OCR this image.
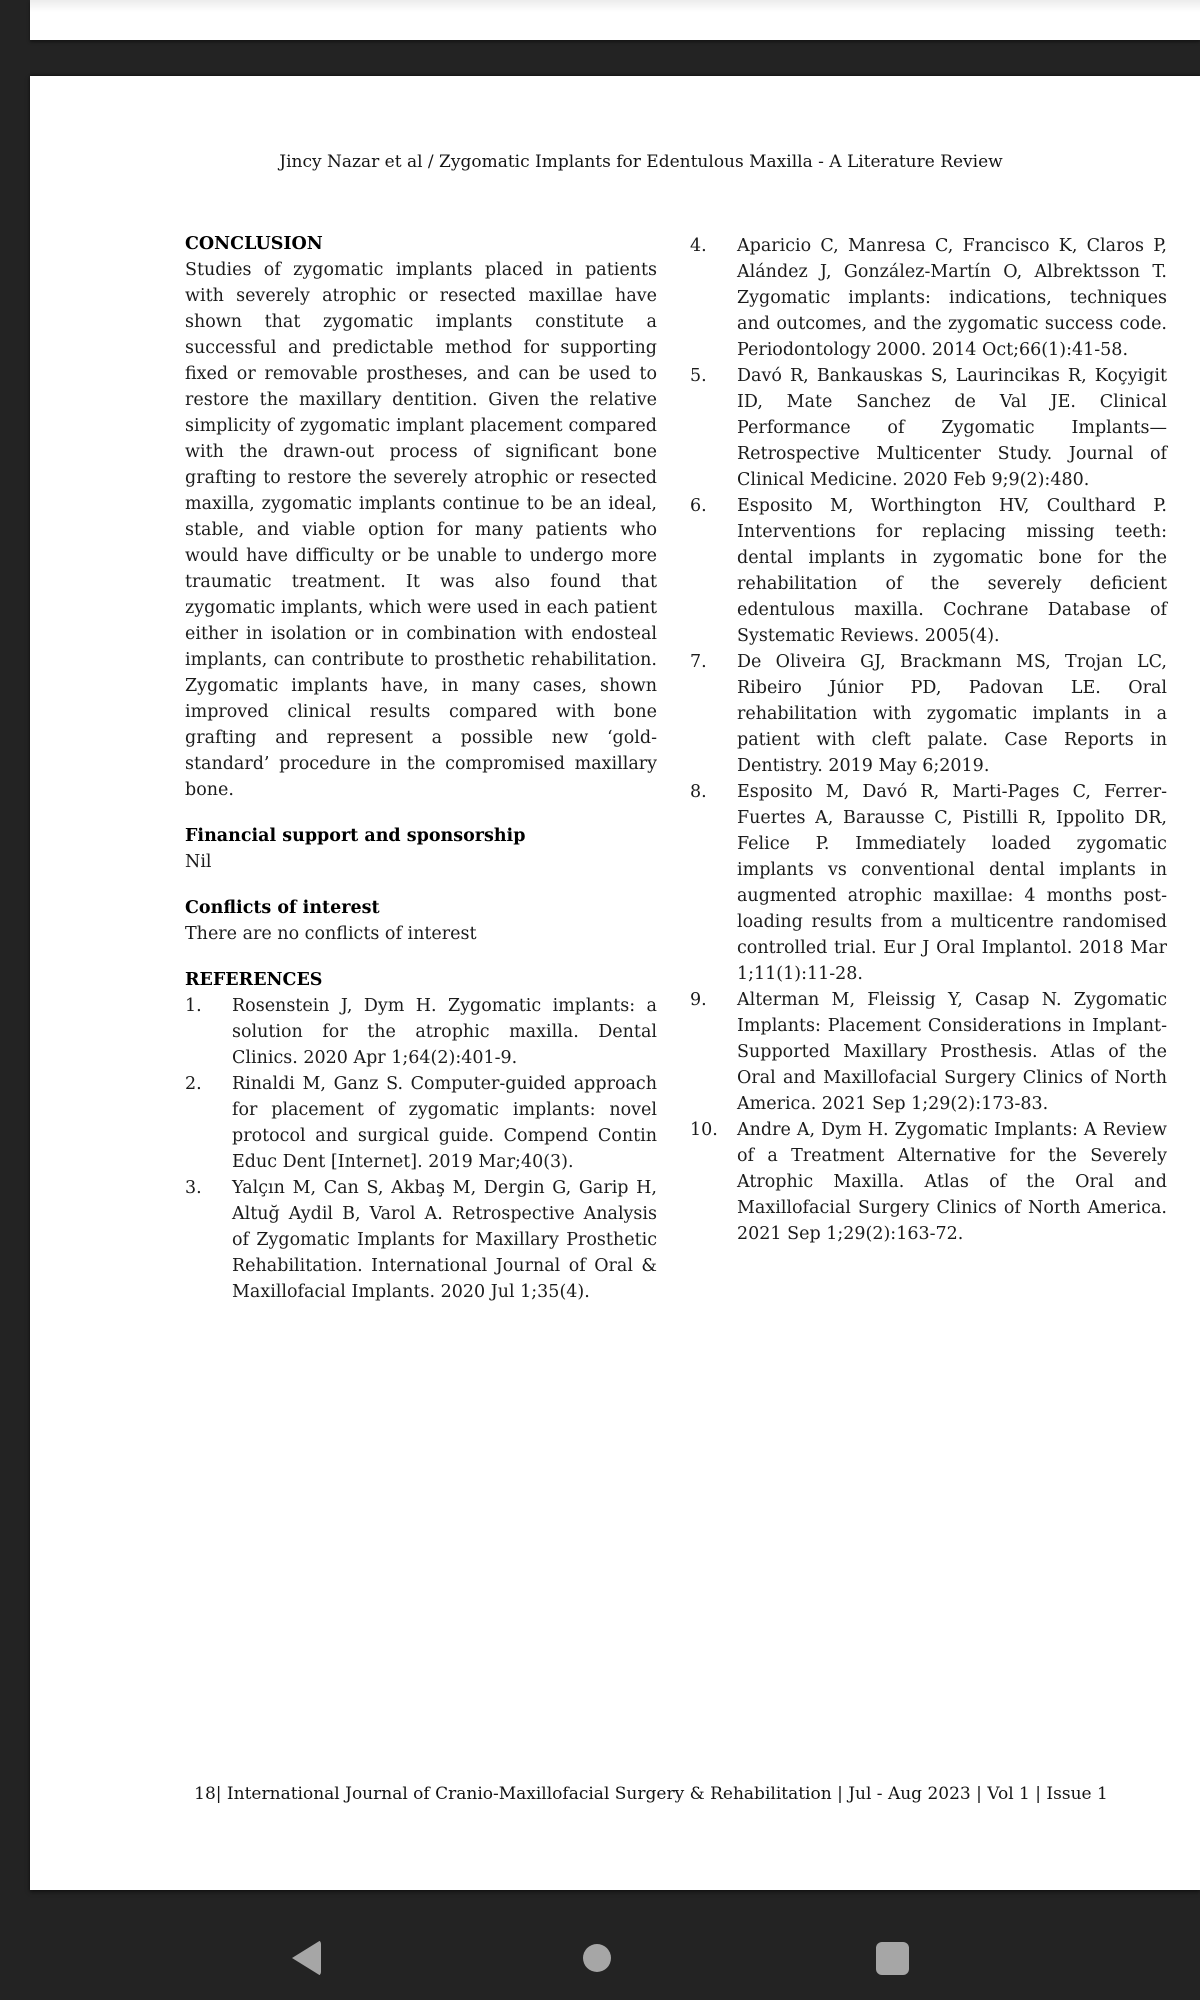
Jincy Nazar et al / Zygomatic Implants for Edentulous Maxilla - A Literature Review
CONCLUSION

Studies of zygomatic implants placed in patients with severely atrophic or resected maxillae have shown that zygomatic implants constitute a successful and predictable method for supporting fixed or removable prostheses, and can be used to restore the maxillary dentition. Given the relative simplicity of zygomatic implant placement compared with the drawn-out process of significant bone grafting to restore the severely atrophic or resected maxilla, zygomatic implants continue to be an ideal, stable, and viable option for many patients who would have difficulty or be unable to undergo more traumatic treatment. It was also found that zygomatic implants, which were used in each patient either in isolation or in combination with endosteal implants, can contribute to prosthetic rehabilitation. Zygomatic implants have, in many cases, shown improved clinical results compared with bone grafting and represent a possible new ‘gold-standard’ procedure in the compromised maxillary bone.

Financial support and sponsorship

Nil

Conflicts of interest

There are no conflicts of interest

REFERENCES
1. Rosenstein J, Dym H. Zygomatic implants: a solution for the atrophic maxilla. Dental Clinics. 2020 Apr 1;64(2):401-9.
2. Rinaldi M, Ganz S. Computer-guided approach for placement of zygomatic implants: novel protocol and surgical guide. Compend Contin Educ Dent [Internet]. 2019 Mar;40(3).
3. Yalçın M, Can S, Akbaş M, Dergin G, Garip H, Altuğ Aydil B, Varol A. Retrospective Analysis of Zygomatic Implants for Maxillary Prosthetic Rehabilitation. International Journal of Oral & Maxillofacial Implants. 2020 Jul 1;35(4).
4. Aparicio C, Manresa C, Francisco K, Claros P, Alández J, González-Martín O, Albrektsson T. Zygomatic implants: indications, techniques and outcomes, and the zygomatic success code. Periodontology 2000. 2014 Oct;66(1):41-58.
5. Davó R, Bankauskas S, Laurincikas R, Koçyigit ID, Mate Sanchez de Val JE. Clinical Performance of Zygomatic Implants—Retrospective Multicenter Study. Journal of Clinical Medicine. 2020 Feb 9;9(2):480.
6. Esposito M, Worthington HV, Coulthard P. Interventions for replacing missing teeth: dental implants in zygomatic bone for the rehabilitation of the severely deficient edentulous maxilla. Cochrane Database of Systematic Reviews. 2005(4).
7. De Oliveira GJ, Brackmann MS, Trojan LC, Ribeiro Júnior PD, Padovan LE. Oral rehabilitation with zygomatic implants in a patient with cleft palate. Case Reports in Dentistry. 2019 May 6;2019.
8. Esposito M, Davó R, Marti-Pages C, Ferrer-Fuertes A, Barausse C, Pistilli R, Ippolito DR, Felice P. Immediately loaded zygomatic implants vs conventional dental implants in augmented atrophic maxillae: 4 months post-loading results from a multicentre randomised controlled trial. Eur J Oral Implantol. 2018 Mar 1;11(1):11-28.
9. Alterman M, Fleissig Y, Casap N. Zygomatic Implants: Placement Considerations in Implant-Supported Maxillary Prosthesis. Atlas of the Oral and Maxillofacial Surgery Clinics of North America. 2021 Sep 1;29(2):173-83.
10. Andre A, Dym H. Zygomatic Implants: A Review of a Treatment Alternative for the Severely Atrophic Maxilla. Atlas of the Oral and Maxillofacial Surgery Clinics of North America. 2021 Sep 1;29(2):163-72.
18| International Journal of Cranio-Maxillofacial Surgery & Rehabilitation | Jul - Aug 2023 | Vol 1 | Issue 1
